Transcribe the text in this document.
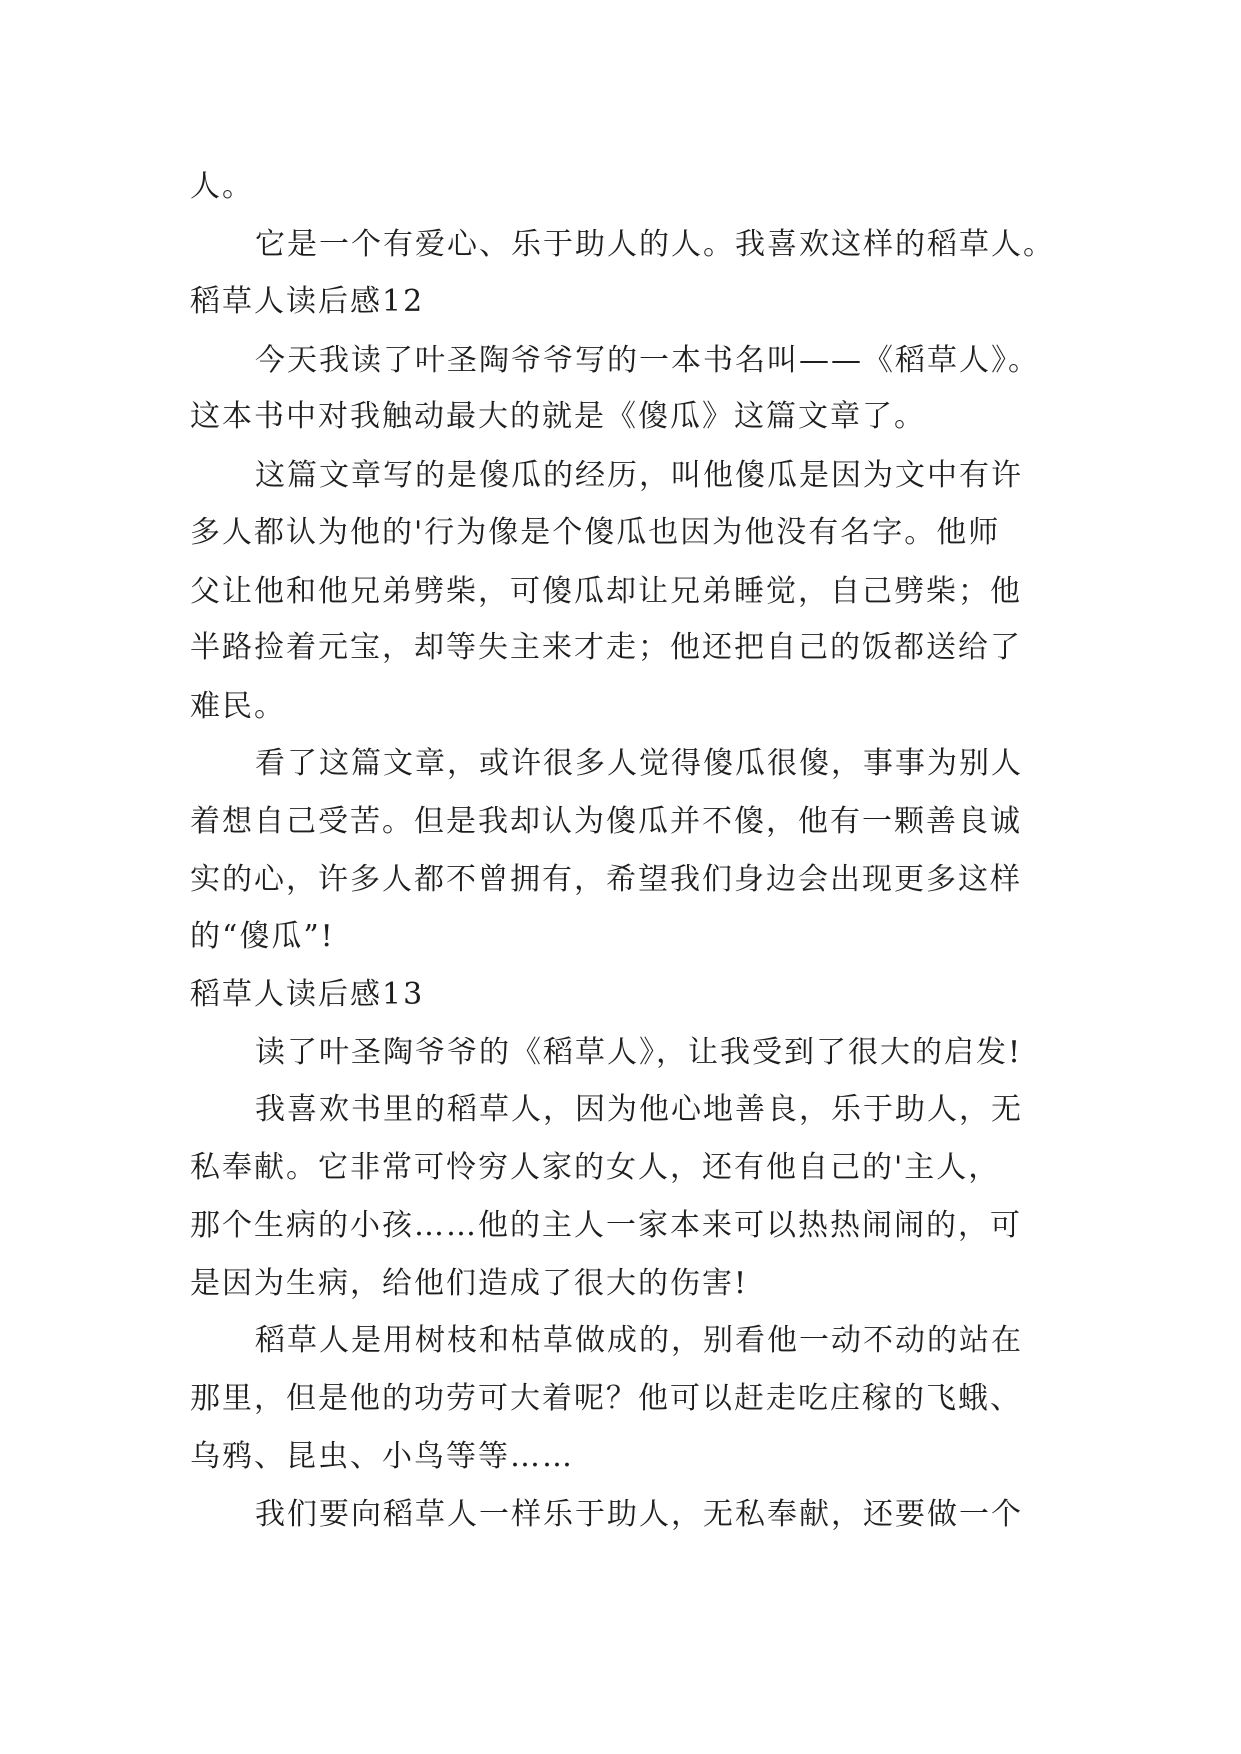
人。
它是一个有爱心、乐于助人的人。我喜欢这样的稻草人。
稻草人读后感12
今天我读了叶圣陶爷爷写的一本书名叫——《稻草人》。
这本书中对我触动最大的就是《傻瓜》这篇文章了。
这篇文章写的是傻瓜的经历，叫他傻瓜是因为文中有许
多人都认为他的'行为像是个傻瓜也因为他没有名字。他师
父让他和他兄弟劈柴，可傻瓜却让兄弟睡觉，自己劈柴；他
半路捡着元宝，却等失主来才走；他还把自己的饭都送给了
难民。
看了这篇文章，或许很多人觉得傻瓜很傻，事事为别人
着想自己受苦。但是我却认为傻瓜并不傻，他有一颗善良诚
实的心，许多人都不曾拥有，希望我们身边会出现更多这样
的“傻瓜”!
稻草人读后感13
读了叶圣陶爷爷的《稻草人》，让我受到了很大的启发!
我喜欢书里的稻草人，因为他心地善良，乐于助人，无
私奉献。它非常可怜穷人家的女人，还有他自己的'主人，
那个生病的小孩……他的主人一家本来可以热热闹闹的，可
是因为生病，给他们造成了很大的伤害!
稻草人是用树枝和枯草做成的，别看他一动不动的站在
那里，但是他的功劳可大着呢？他可以赶走吃庄稼的飞蛾、
乌鸦、昆虫、小鸟等等……
我们要向稻草人一样乐于助人，无私奉献，还要做一个
